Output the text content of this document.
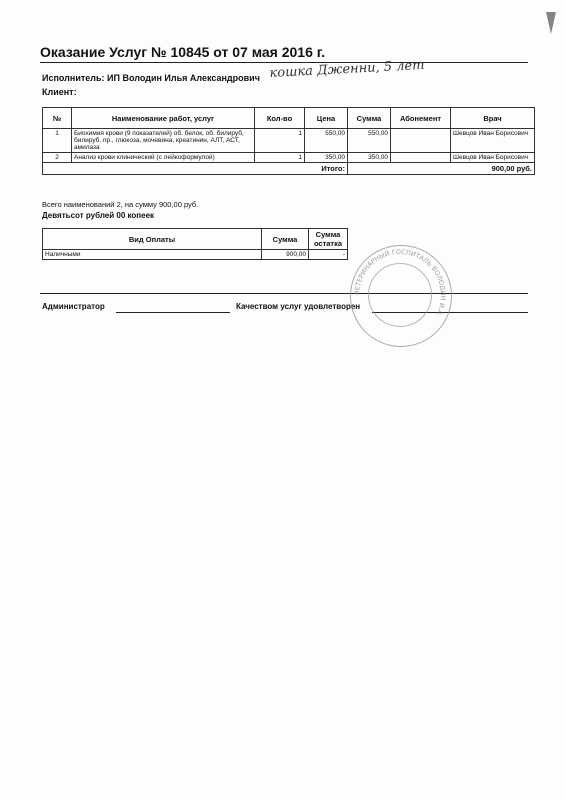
Оказание Услуг № 10845 от 07 мая 2016 г.
Исполнитель: ИП Володин Илья Александрович
Клиент:
кошка Дженни, 5 лет
№	Наименование работ, услуг	Кол-во	Цена	Сумма	Абонемент	Врач
1	Биохимия крови (9 показателей) об. белок, об. билируб, билируб. пр., глюкоза, мочевина, креатинин, АЛТ, АСТ, амилаза	1	550,00	550,00		Шевцов Иван Борисович
2	Анализ крови клинический (с лейкоформулой)	1	350,00	350,00		Шевцов Иван Борисович
Итого:				900,00 руб.		
Всего наименований 2, на сумму 900,00 руб.
Девятьсот рублей 00 копеек
Вид Оплаты	Сумма	Сумма остатка
Наличными	900,00	-
Администратор	Качеством услуг удовлетворен
ВЕТЕРИНАРНЫЙ ГОСПИТАЛЬ ВОЛОДИН И.А.
